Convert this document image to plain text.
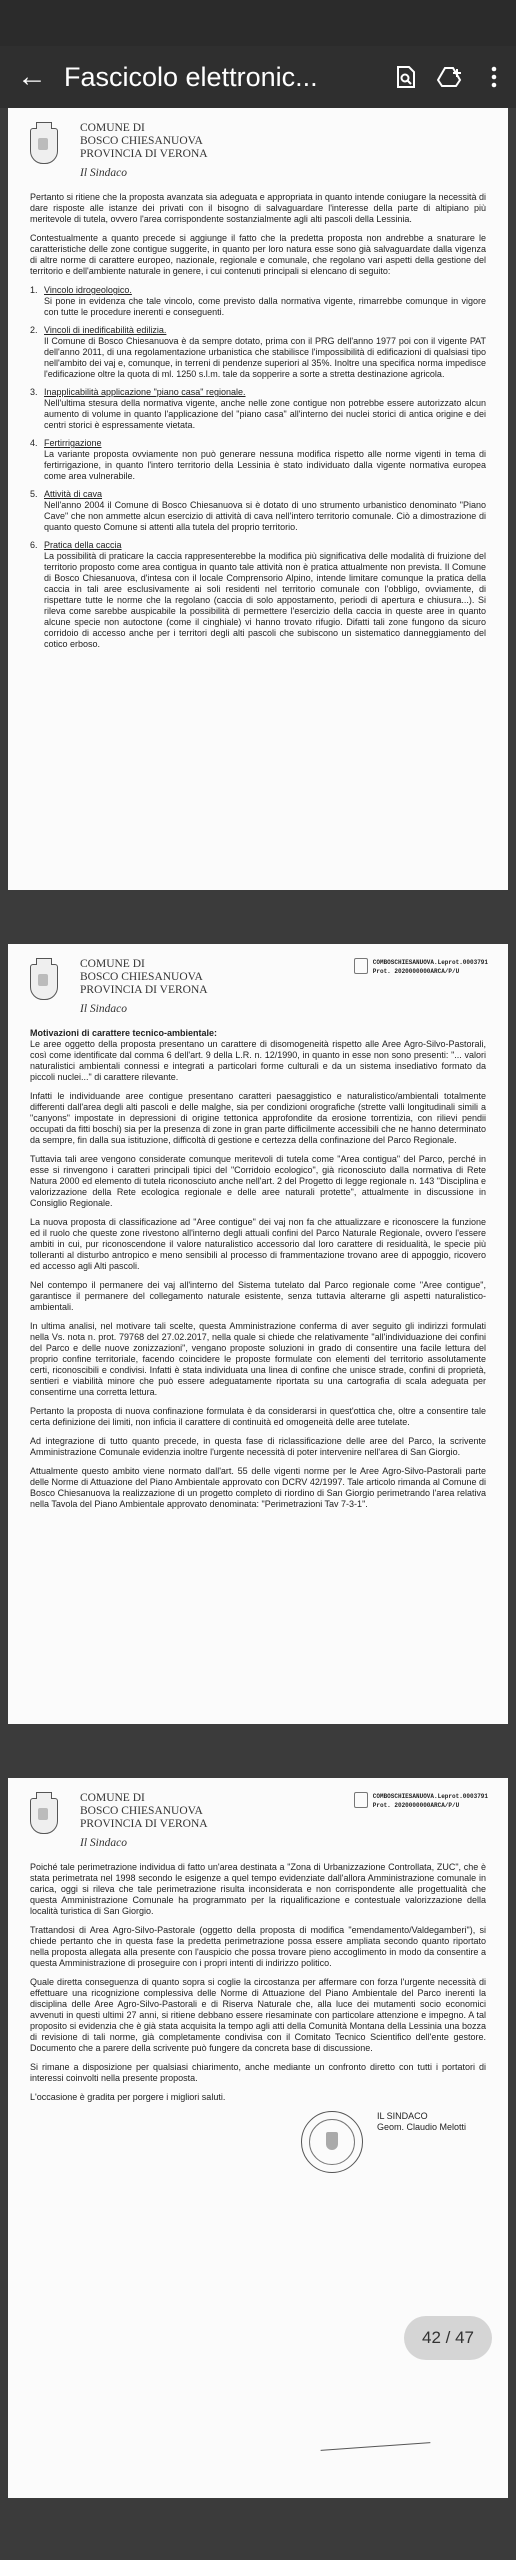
← Fascicolo elettronic...
COMUNE DI
BOSCO CHIESANUOVA
PROVINCIA DI VERONA
Il Sindaco

Pertanto si ritiene che la proposta avanzata sia adeguata e appropriata in quanto intende coniugare la necessità di dare risposte alle istanze dei privati con il bisogno di salvaguardare l'interesse della parte di altipiano più meritevole di tutela, ovvero l'area corrispondente sostanzialmente agli alti pascoli della Lessinia.

Contestualmente a quanto precede si aggiunge il fatto che la predetta proposta non andrebbe a snaturare le caratteristiche delle zone contigue suggerite, in quanto per loro natura esse sono già salvaguardate dalla vigenza di altre norme di carattere europeo, nazionale, regionale e comunale, che regolano vari aspetti della gestione del territorio e dell'ambiente naturale in genere, i cui contenuti principali si elencano di seguito:

1. Vincolo idrogeologico.
Si pone in evidenza che tale vincolo, come previsto dalla normativa vigente, rimarrebbe comunque in vigore con tutte le procedure inerenti e conseguenti.
2. Vincoli di inedificabilità edilizia.
Il Comune di Bosco Chiesanuova è da sempre dotato, prima con il PRG dell'anno 1977 poi con il vigente PAT dell'anno 2011, di una regolamentazione urbanistica che stabilisce l'impossibilità di edificazioni di qualsiasi tipo nell'ambito dei vaj e, comunque, in terreni di pendenze superiori al 35%. Inoltre una specifica norma impedisce l'edificazione oltre la quota di ml. 1250 s.l.m. tale da sopperire a sorte a stretta destinazione agricola.
3. Inapplicabilità applicazione "piano casa" regionale.
Nell'ultima stesura della normativa vigente, anche nelle zone contigue non potrebbe essere autorizzato alcun aumento di volume in quanto l'applicazione del "piano casa" all'interno dei nuclei storici di antica origine e dei centri storici è espressamente vietata.
4. Fertirrigazione
La variante proposta ovviamente non può generare nessuna modifica rispetto alle norme vigenti in tema di fertirrigazione, in quanto l'intero territorio della Lessinia è stato individuato dalla vigente normativa europea come area vulnerabile.
5. Attività di cava
Nell'anno 2004 il Comune di Bosco Chiesanuova si è dotato di uno strumento urbanistico denominato "Piano Cave" che non ammette alcun esercizio di attività di cava nell'intero territorio comunale. Ciò a dimostrazione di quanto questo Comune si attenti alla tutela del proprio territorio.
6. Pratica della caccia
La possibilità di praticare la caccia rappresenterebbe la modifica più significativa delle modalità di fruizione del territorio proposto come area contigua in quanto tale attività non è pratica attualmente non prevista. Il Comune di Bosco Chiesanuova, d'intesa con il locale Comprensorio Alpino, intende limitare comunque la pratica della caccia in tali aree esclusivamente ai soli residenti nel territorio comunale con l'obbligo, ovviamente, di rispettare tutte le norme che la regolano (caccia di solo appostamento, periodi di apertura e chiusura...). Si rileva come sarebbe auspicabile la possibilità di permettere l'esercizio della caccia in queste aree in quanto alcune specie non autoctone (come il cinghiale) vi hanno trovato rifugio. Difatti tali zone fungono da sicuro corridoio di accesso anche per i territori degli alti pascoli che subiscono un sistematico danneggiamento del cotico erboso.
COMBOSCHIESANUOVA.Leprot.0003791
Prot. 2020000000ARCA/P/U
COMUNE DI
BOSCO CHIESANUOVA
PROVINCIA DI VERONA
Il Sindaco

Motivazioni di carattere tecnico-ambientale:

Le aree oggetto della proposta presentano un carattere di disomogeneità rispetto alle Aree Agro-Silvo-Pastorali, così come identificate dal comma 6 dell'art. 9 della L.R. n. 12/1990, in quanto in esse non sono presenti: "... valori naturalistici ambientali connessi e integrati a particolari forme culturali e da un sistema insediativo formato da piccoli nuclei..." di carattere rilevante.

Infatti le individuande aree contigue presentano caratteri paesaggistico e naturalistico/ambientali totalmente differenti dall'area degli alti pascoli e delle malghe, sia per condizioni orografiche (strette valli longitudinali simili a "canyons" impostate in depressioni di origine tettonica approfondite da erosione torrentizia, con rilievi pendii occupati da fitti boschi) sia per la presenza di zone in gran parte difficilmente accessibili che ne hanno determinato da sempre, fin dalla sua istituzione, difficoltà di gestione e certezza della confinazione del Parco Regionale.

Tuttavia tali aree vengono considerate comunque meritevoli di tutela come "Area contigua" del Parco, perché in esse si rinvengono i caratteri principali tipici del "Corridoio ecologico", già riconosciuto dalla normativa di Rete Natura 2000 ed elemento di tutela riconosciuto anche nell'art. 2 del Progetto di legge regionale n. 143 "Disciplina e valorizzazione della Rete ecologica regionale e delle aree naturali protette", attualmente in discussione in Consiglio Regionale.

La nuova proposta di classificazione ad "Aree contigue" dei vaj non fa che attualizzare e riconoscere la funzione ed il ruolo che queste zone rivestono all'interno degli attuali confini del Parco Naturale Regionale, ovvero l'essere ambiti in cui, pur riconoscendone il valore naturalistico accessorio dal loro carattere di residualità, le specie più tolleranti al disturbo antropico e meno sensibili al processo di frammentazione trovano aree di appoggio, ricovero ed accesso agli Alti pascoli.

Nel contempo il permanere dei vaj all'interno del Sistema tutelato dal Parco regionale come "Aree contigue", garantisce il permanere del collegamento naturale esistente, senza tuttavia alterarne gli aspetti naturalistico-ambientali.

In ultima analisi, nel motivare tali scelte, questa Amministrazione conferma di aver seguito gli indirizzi formulati nella Vs. nota n. prot. 79768 del 27.02.2017, nella quale si chiede che relativamente "all'individuazione dei confini del Parco e delle nuove zonizzazioni", vengano proposte soluzioni in grado di consentire una facile lettura del proprio confine territoriale, facendo coincidere le proposte formulate con elementi del territorio assolutamente certi, riconoscibili e condivisi. Infatti è stata individuata una linea di confine che unisce strade, confini di proprietà, sentieri e viabilità minore che può essere adeguatamente riportata su una cartografia di scala adeguata per consentirne una corretta lettura.

Pertanto la proposta di nuova confinazione formulata è da considerarsi in quest'ottica che, oltre a consentire tale certa definizione dei limiti, non inficia il carattere di continuità ed omogeneità delle aree tutelate.

Ad integrazione di tutto quanto precede, in questa fase di riclassificazione delle aree del Parco, la scrivente Amministrazione Comunale evidenzia inoltre l'urgente necessità di poter intervenire nell'area di San Giorgio.

Attualmente questo ambito viene normato dall'art. 55 delle vigenti norme per le Aree Agro-Silvo-Pastorali parte delle Norme di Attuazione del Piano Ambientale approvato con DCRV 42/1997. Tale articolo rimanda al Comune di Bosco Chiesanuova la realizzazione di un progetto completo di riordino di San Giorgio perimetrando l'area relativa nella Tavola del Piano Ambientale approvato denominata: "Perimetrazioni Tav 7-3-1".

COMBOSCHIESANUOVA.Leprot.0003791
Prot. 2020000000ARCA/P/U
COMUNE DI
BOSCO CHIESANUOVA
PROVINCIA DI VERONA
Il Sindaco

Poiché tale perimetrazione individua di fatto un'area destinata a "Zona di Urbanizzazione Controllata, ZUC", che è stata perimetrata nel 1998 secondo le esigenze a quel tempo evidenziate dall'allora Amministrazione comunale in carica, oggi si rileva che tale perimetrazione risulta inconsiderata e non corrispondente alle progettualità che questa Amministrazione Comunale ha programmato per la riqualificazione e contestuale valorizzazione della località turistica di San Giorgio.

Trattandosi di Area Agro-Silvo-Pastorale (oggetto della proposta di modifica "emendamento/Valdegamberi"), si chiede pertanto che in questa fase la predetta perimetrazione possa essere ampliata secondo quanto riportato nella proposta allegata alla presente con l'auspicio che possa trovare pieno accoglimento in modo da consentire a questa Amministrazione di proseguire con i propri intenti di indirizzo politico.

Quale diretta conseguenza di quanto sopra si coglie la circostanza per affermare con forza l'urgente necessità di effettuare una ricognizione complessiva delle Norme di Attuazione del Piano Ambientale del Parco inerenti la disciplina delle Aree Agro-Silvo-Pastorali e di Riserva Naturale che, alla luce dei mutamenti socio economici avvenuti in questi ultimi 27 anni, si ritiene debbano essere riesaminate con particolare attenzione e impegno. A tal proposito si evidenzia che è già stata acquisita la tempo agli atti della Comunità Montana della Lessinia una bozza di revisione di tali norme, già completamente condivisa con il Comitato Tecnico Scientifico dell'ente gestore. Documento che a parere della scrivente può fungere da concreta base di discussione.

Si rimane a disposizione per qualsiasi chiarimento, anche mediante un confronto diretto con tutti i portatori di interessi coinvolti nella presente proposta.

L'occasione è gradita per porgere i migliori saluti.

IL SINDACO
Geom. Claudio Melotti
42 / 47
